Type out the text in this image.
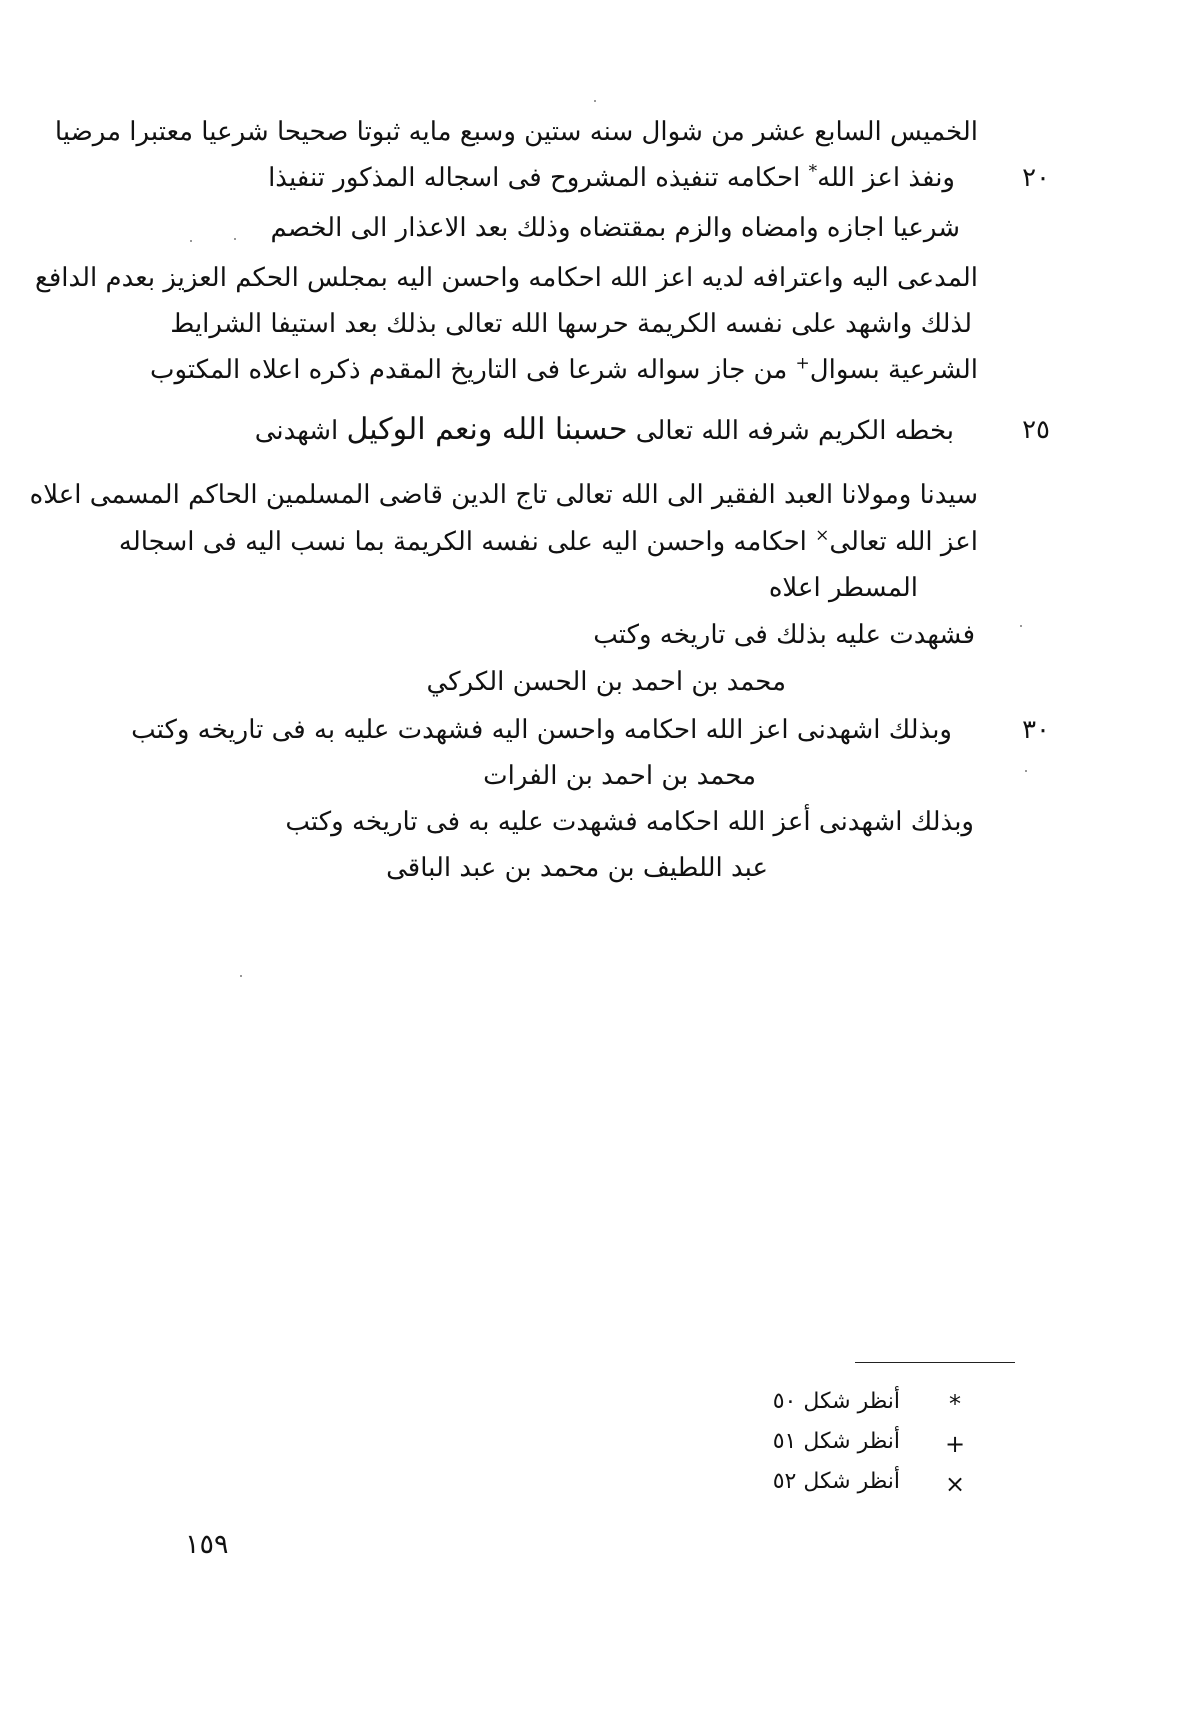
الخميس السابع عشر من شوال سنه ستين وسبع مايه ثبوتا صحيحا شرعيا معتبرا مرضيا
٢٠
ونفذ اعز الله* احكامه تنفيذه المشروح فى اسجاله المذكور تنفيذا
شرعيا اجازه وامضاه والزم بمقتضاه وذلك بعد الاعذار الى الخصم
المدعى اليه واعترافه لديه اعز الله احكامه واحسن اليه بمجلس الحكم العزيز بعدم الدافع
لذلك واشهد على نفسه الكريمة حرسها الله تعالى بذلك بعد استيفا الشرايط
الشرعية بسوال+ من جاز سواله شرعا فى التاريخ المقدم ذكره اعلاه المكتوب
٢٥
بخطه الكريم شرفه الله تعالى حسبنا الله ونعم الوكيل اشهدنى
سيدنا ومولانا العبد الفقير الى الله تعالى تاج الدين قاضى المسلمين الحاكم المسمى اعلاه
اعز الله تعالى× احكامه واحسن اليه على نفسه الكريمة بما نسب اليه فى اسجاله
المسطر اعلاه
فشهدت عليه بذلك فى تاريخه وكتب
محمد بن احمد بن الحسن الكركي
٣٠
وبذلك اشهدنى اعز الله احكامه واحسن اليه فشهدت عليه به فى تاريخه وكتب
محمد بن احمد بن الفرات
وبذلك اشهدنى أعز الله احكامه فشهدت عليه به فى تاريخه وكتب
عبد اللطيف بن محمد بن عبد الباقى
*
أنظر شكل ٥٠
+
أنظر شكل ٥١
×
أنظر شكل ٥٢
١٥٩
